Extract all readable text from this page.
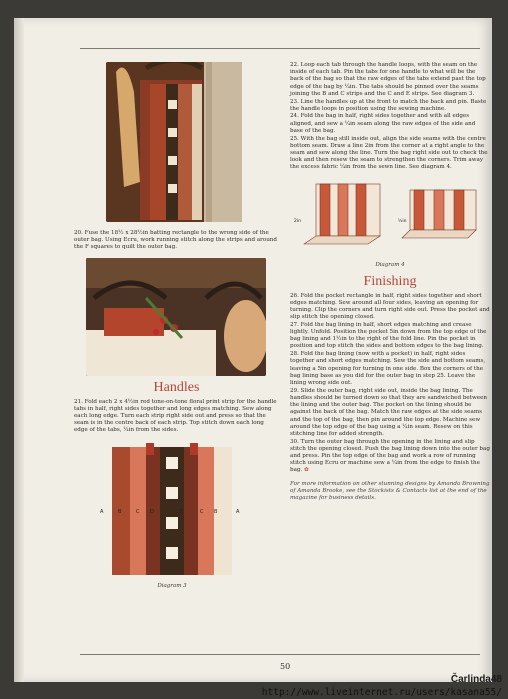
20. Fuse the 18½ x 28½in batting rectangle to the wrong side of the outer bag. Using Ecru, work running stitch along the strips and around the F squares to quilt the outer bag.

Handles

21. Fold each 2 x 4½in red tone-on-tone floral print strip for the handle tabs in half, right sides together and long edges matching. Sew along each long edge. Turn each strip right side out and press so that the seam is in the centre back of each strip. Top stitch down each long edge of the tabs, ¼in from the sides.

A	B	C D	E	C B	A
Diagram 3

22. Loop each tab through the handle loops, with the seam on the inside of each tab. Pin the tabs for one handle to what will be the back of the bag so that the raw edges of the tabs extend past the top edge of the bag by ¼in. The tabs should be pinned over the seams joining the B and C strips and the C and E strips. See diagram 3.

23. Line the handles up at the front to match the back and pin. Baste the handle loops in position using the sewing machine.

24. Fold the bag in half, right sides together and with all edges aligned, and sew a ¼in seam along the raw edges of the side and base of the bag.

25. With the bag still inside out, align the side seams with the centre bottom seam. Draw a line 2in from the corner at a right angle to the seam and sew along the line. Turn the bag right side out to check the look and then resew the seam to strengthen the corners. Trim away the excess fabric ¼in from the sewn line. See diagram 4.

2in	½in
Diagram 4
Finishing

26. Fold the pocket rectangle in half, right sides together and short edges matching. Sew around all four sides, leaving an opening for turning. Clip the corners and turn right side out. Press the pocket and slip stitch the opening closed.

27. Fold the bag lining in half, short edges matching and crease lightly. Unfold. Position the pocket 5in down from the top edge of the bag lining and 1½in to the right of the fold line. Pin the pocket in position and top stitch the sides and bottom edges to the bag lining.

28. Fold the bag lining (now with a pocket) in half, right sides together and short edges matching. Sew the side and bottom seams, leaving a 5in opening for turning in one side. Box the corners of the bag lining base as you did for the outer bag in step 25. Leave the lining wrong side out.

29. Slide the outer bag, right side out, inside the bag lining. The handles should be turned down so that they are sandwiched between the lining and the outer bag. The pocket on the lining should be against the back of the bag. Match the raw edges at the side seams and the top of the bag, then pin around the top edge. Machine sew around the top edge of the bag using a ¼in seam. Resew on this stitching line for added strength.

30. Turn the outer bag through the opening in the lining and slip stitch the opening closed. Push the bag lining down into the outer bag and press. Pin the top edge of the bag and work a row of running stitch using Ecru or machine sew a ¼in from the edge to finish the bag. ✿

For more information on other stunning designs by Amanda Browning of Amanda Brooke, see the Stockists & Contacts list at the end of the magazine for business details.

50
Čarlinda48
http://www.liveinternet.ru/users/kasana55/
